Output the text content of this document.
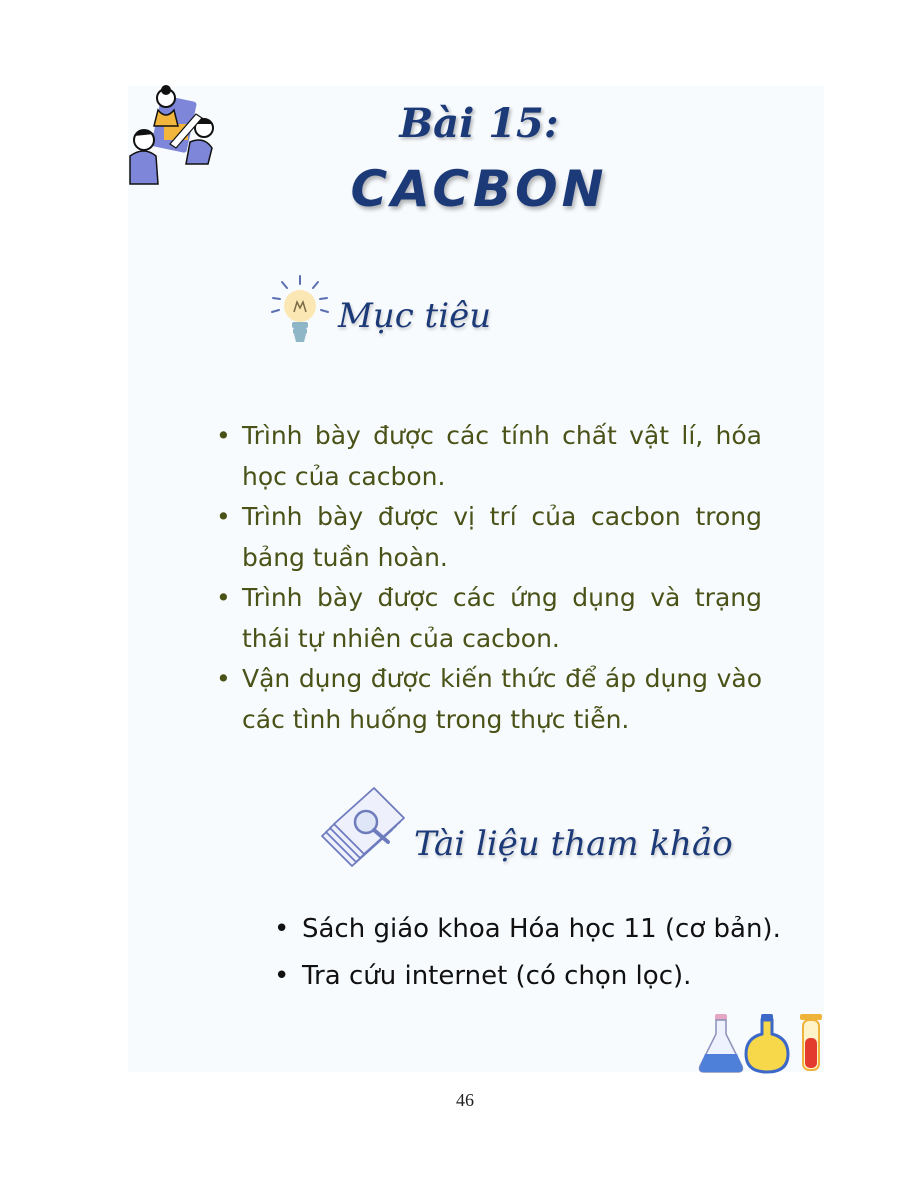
Bài 15:
CACBON
Mục tiêu
• Trình bày được các tính chất vật lí, hóa học của cacbon.
• Trình bày được vị trí của cacbon trong bảng tuần hoàn.
• Trình bày được các ứng dụng và trạng thái tự nhiên của cacbon.
• Vận dụng được kiến thức để áp dụng vào các tình huống trong thực tiễn.
Tài liệu tham khảo
• Sách giáo khoa Hóa học 11 (cơ bản).
• Tra cứu internet (có chọn lọc).
46
